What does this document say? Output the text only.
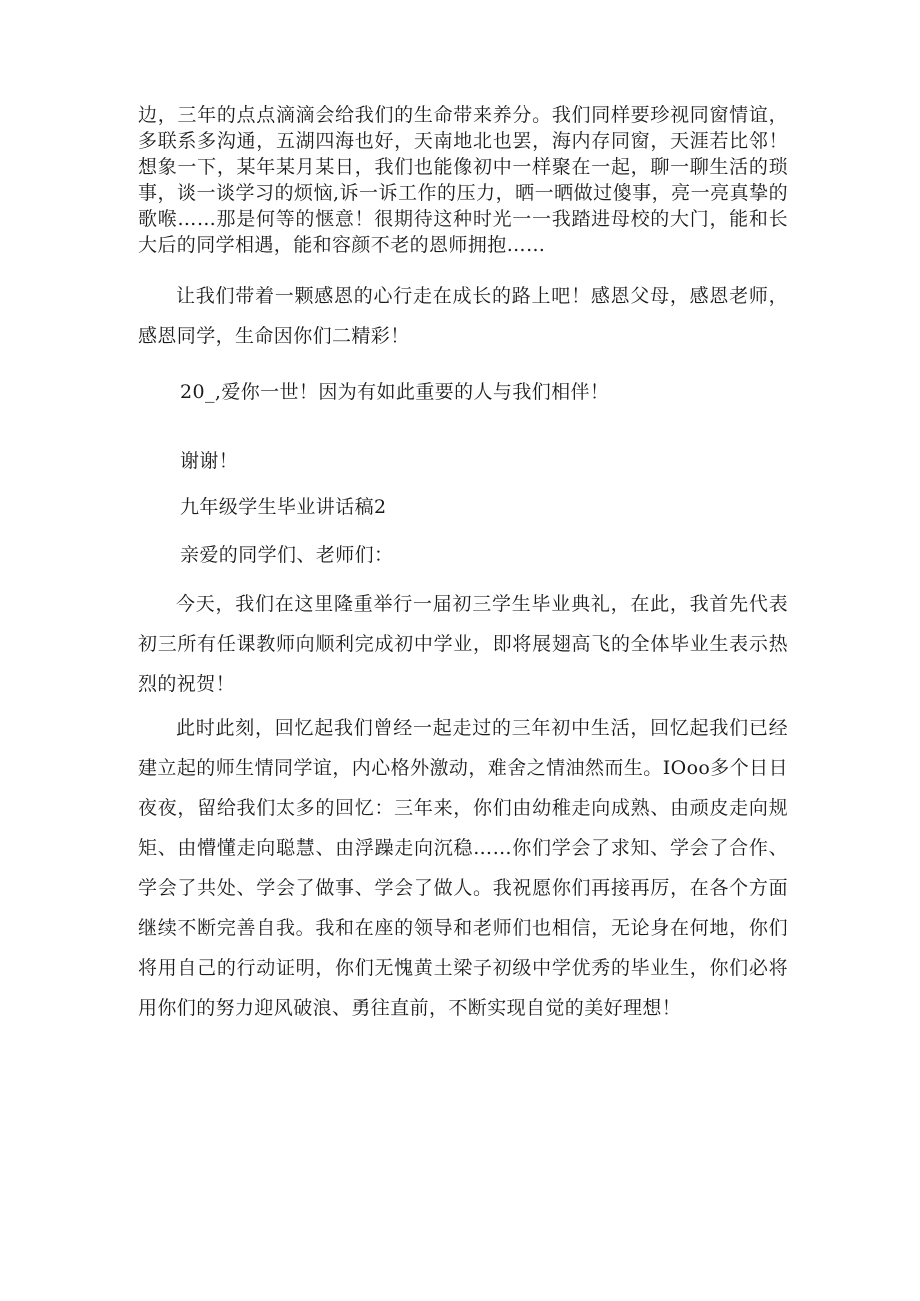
边，三年的点点滴滴会给我们的生命带来养分。我们同样要珍视同窗情谊，多联系多沟通，五湖四海也好，天南地北也罢，海内存同窗，天涯若比邻！想象一下，某年某月某日，我们也能像初中一样聚在一起，聊一聊生活的琐事，谈一谈学习的烦恼,诉一诉工作的压力，晒一晒做过傻事，亮一亮真挚的歌喉……那是何等的惬意！很期待这种时光一一我踏进母校的大门，能和长大后的同学相遇，能和容颜不老的恩师拥抱……

让我们带着一颗感恩的心行走在成长的路上吧！感恩父母，感恩老师，感恩同学，生命因你们二精彩！

20_,爱你一世！因为有如此重要的人与我们相伴！

谢谢！

九年级学生毕业讲话稿2

亲爱的同学们、老师们：

今天，我们在这里隆重举行一届初三学生毕业典礼，在此，我首先代表初三所有任课教师向顺利完成初中学业，即将展翅高飞的全体毕业生表示热烈的祝贺！

此时此刻，回忆起我们曾经一起走过的三年初中生活，回忆起我们已经建立起的师生情同学谊，内心格外激动，难舍之情油然而生。IOoo多个日日夜夜，留给我们太多的回忆：三年来，你们由幼稚走向成熟、由顽皮走向规矩、由懵懂走向聪慧、由浮躁走向沉稳……你们学会了求知、学会了合作、学会了共处、学会了做事、学会了做人。我祝愿你们再接再厉，在各个方面继续不断完善自我。我和在座的领导和老师们也相信，无论身在何地，你们将用自己的行动证明，你们无愧黄土梁子初级中学优秀的毕业生，你们必将用你们的努力迎风破浪、勇往直前，不断实现自觉的美好理想！
